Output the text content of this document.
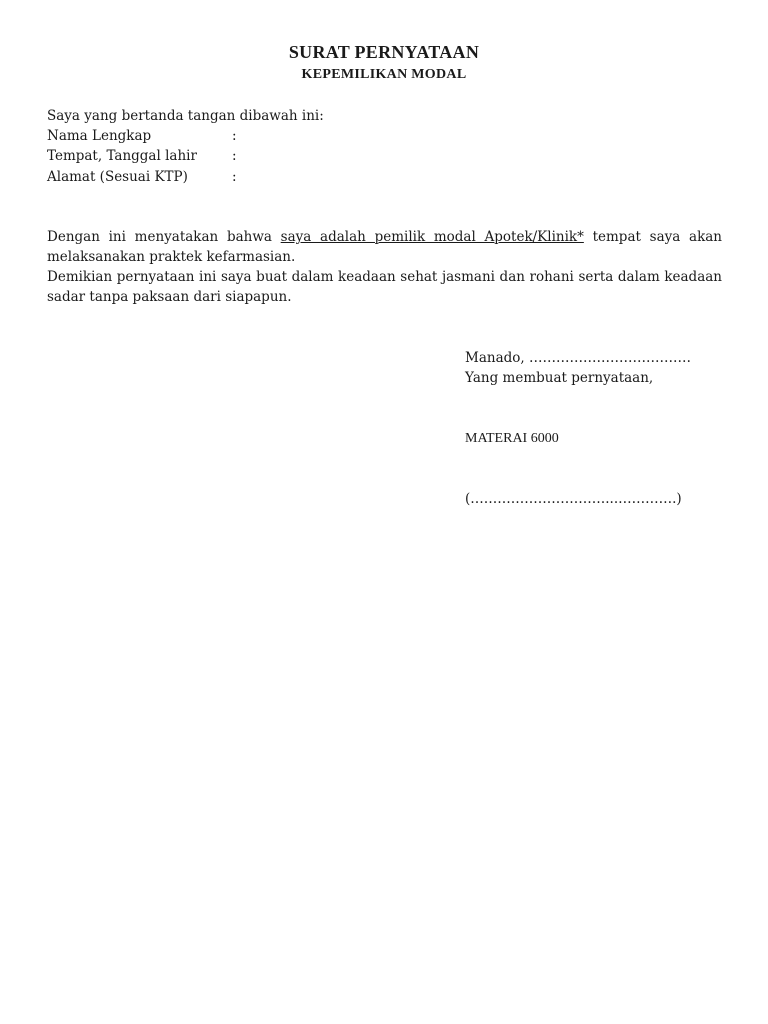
SURAT PERNYATAAN
KEPEMILIKAN MODAL
Saya yang bertanda tangan dibawah ini:
Nama Lengkap	:
Tempat, Tanggal lahir	:
Alamat (Sesuai KTP)	:
Dengan ini menyatakan bahwa saya adalah pemilik modal Apotek/Klinik* tempat saya akan melaksanakan praktek kefarmasian.
Demikian pernyataan ini saya buat dalam keadaan sehat jasmani dan rohani serta dalam keadaan sadar tanpa paksaan dari siapapun.
Manado, ………………………………
Yang membuat pernyataan,
MATERAI 6000
(…………………………...………….)
